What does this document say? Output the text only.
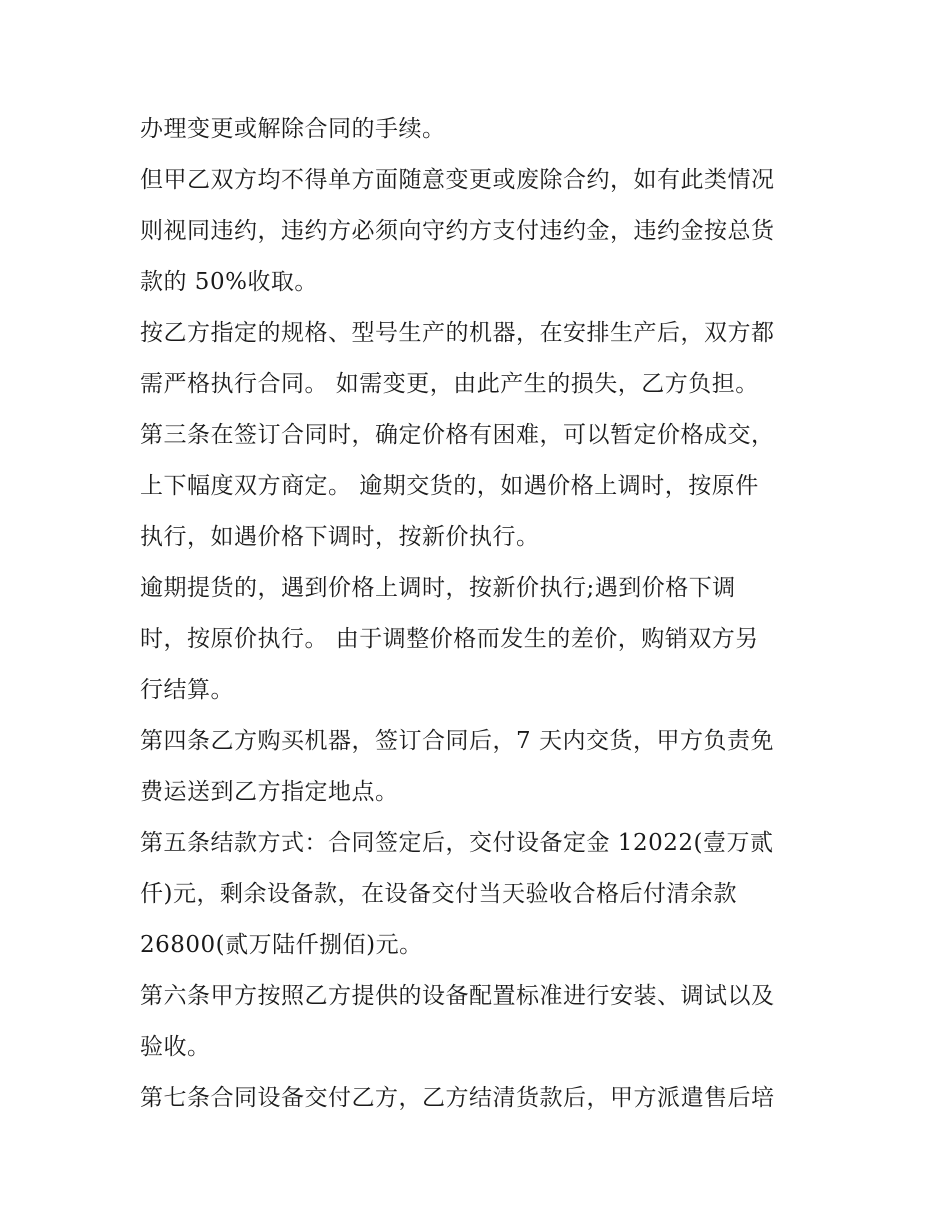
办理变更或解除合同的手续。
但甲乙双方均不得单方面随意变更或废除合约，如有此类情况
则视同违约，违约方必须向守约方支付违约金，违约金按总货
款的 50%收取。
按乙方指定的规格、型号生产的机器，在安排生产后，双方都
需严格执行合同。 如需变更，由此产生的损失，乙方负担。
第三条在签订合同时，确定价格有困难，可以暂定价格成交，
上下幅度双方商定。 逾期交货的，如遇价格上调时，按原件
执行，如遇价格下调时，按新价执行。
逾期提货的，遇到价格上调时，按新价执行;遇到价格下调
时，按原价执行。 由于调整价格而发生的差价，购销双方另
行结算。
第四条乙方购买机器，签订合同后，7 天内交货，甲方负责免
费运送到乙方指定地点。
第五条结款方式：合同签定后，交付设备定金 12022(壹万贰
仟)元，剩余设备款，在设备交付当天验收合格后付清余款
26800(贰万陆仟捌佰)元。
第六条甲方按照乙方提供的设备配置标准进行安装、调试以及
验收。
第七条合同设备交付乙方，乙方结清货款后，甲方派遣售后培
